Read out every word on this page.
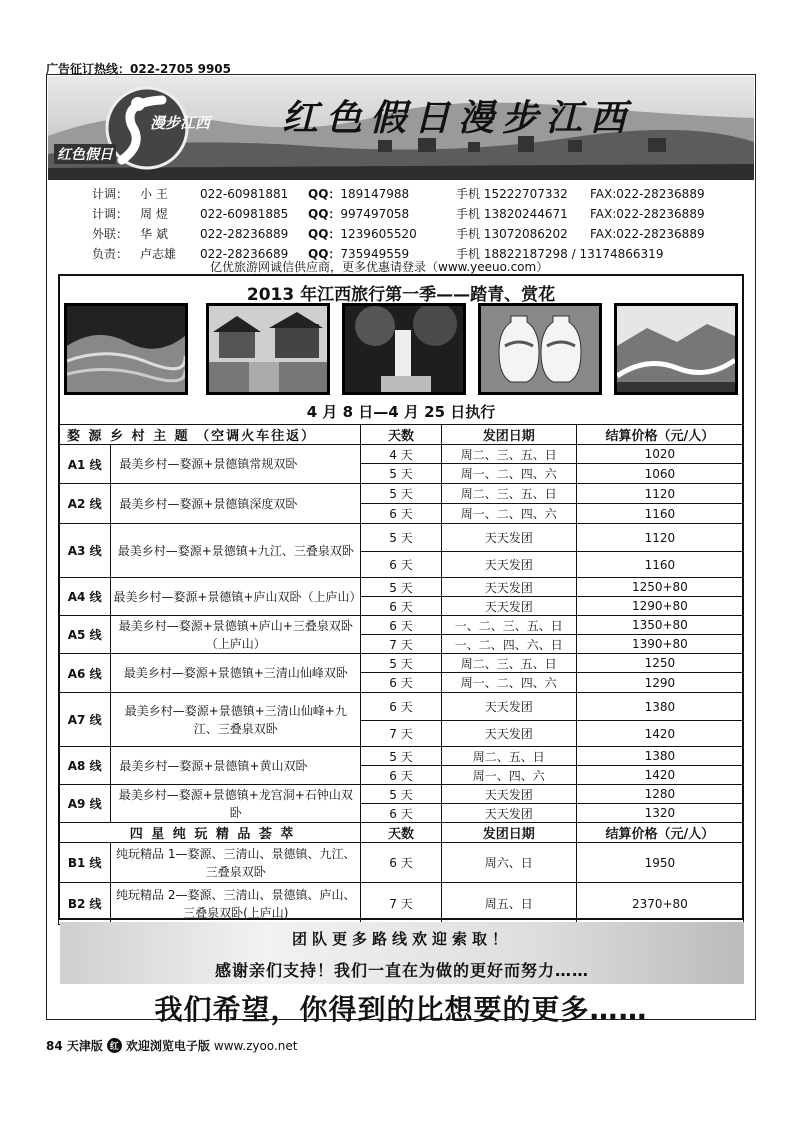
广告征订热线：022-2705 9905
漫步江西
红色假日
红色假日漫步江西
计调： 小 王	022-60981881	QQ：189147988	手机 15222707332	FAX:022-28236889
计调： 周 煜	022-60981885	QQ：997497058	手机 13820244671	FAX:022-28236889
外联： 华 斌	022-28236889	QQ：1239605520	手机 13072086202	FAX:022-28236889
负责： 卢志雄	022-28236689	QQ：735949559	手机 18822187298 / 13174866319
亿优旅游网诚信供应商，更多优惠请登录（www.yeeuo.com）
2013 年江西旅行第一季——踏青、赏花
4 月 8 日—4 月 25 日执行
婺 源 乡 村 主 题 （空调火车往返）		天数	发团日期	结算价格（元/人）
A1 线	最美乡村—婺源+景德镇常规双卧	4 天	周二、三、五、日	1020
		5 天	周一、二、四、六	1060
A2 线	最美乡村—婺源+景德镇深度双卧	5 天	周二、三、五、日	1120
		6 天	周一、二、四、六	1160
A3 线	最美乡村—婺源+景德镇+九江、三叠泉双卧	5 天	天天发团	1120
		6 天	天天发团	1160
A4 线	最美乡村—婺源+景德镇+庐山双卧（上庐山）	5 天	天天发团	1250+80
		6 天	天天发团	1290+80
A5 线	最美乡村—婺源+景德镇+庐山+三叠泉双卧（上庐山）	6 天	一、二、三、五、日	1350+80
		7 天	一、二、四、六、日	1390+80
A6 线	最美乡村—婺源+景德镇+三清山仙峰双卧	5 天	周二、三、五、日	1250
		6 天	周一、二、四、六	1290
A7 线	最美乡村—婺源+景德镇+三清山仙峰+九江、三叠泉双卧	6 天	天天发团	1380
		7 天	天天发团	1420
A8 线	最美乡村—婺源+景德镇+黄山双卧	5 天	周二、五、日	1380
		6 天	周一、四、六	1420
A9 线	最美乡村—婺源+景德镇+龙宫洞+石钟山双卧	5 天	天天发团	1280
		6 天	天天发团	1320
四 星 纯 玩 精 品 荟 萃		天数	发团日期	结算价格（元/人）
B1 线	纯玩精品 1—婺源、三清山、景德镇、九江、三叠泉双卧	6 天	周六、日	1950
B2 线	纯玩精品 2—婺源、三清山、景德镇、庐山、三叠泉双卧(上庐山)	7 天	周五、日	2370+80
团队更多路线欢迎索取！
感谢亲们支持！我们一直在为做的更好而努力……
我们希望，你得到的比想要的更多……
84 天津版 红 欢迎浏览电子版 www.zyoo.net
